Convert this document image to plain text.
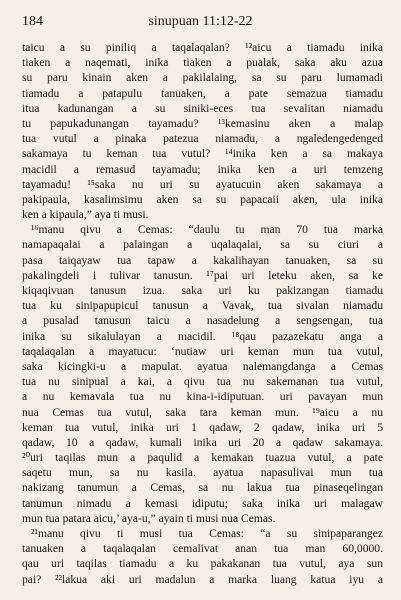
184	sinupuan 11:12-22
taicu a su piniliq a taqalaqalan? ¹²aicu a tiamadu inika
tiaken a naqemati, inika tiaken a pualak, saka aku azua
su paru kinain aken a pakilalaing, sa su paru lumamadi
tiamadu a patapulu tanuaken, a pate semazua tiamadu
itua kadunangan a su siniki-eces tua sevalitan niamadu
tu papukadunangan tayamadu? ¹³kemasinu aken a malap
tua vutul a pinaka patezua niamadu, a ngaledengedenged
sakamaya tu keman tua vutul? ¹⁴inika ken a sa makaya
macidil a remasud tayamadu; inika ken a uri temzeng
tayamadu! ¹⁵saka nu uri su ayatucuin aken sakamaya a
pakipaula, kasalimsimu aken sa su papacaii aken, ula inika
ken a kipaula,” aya ti musi.
¹⁶manu qivu a Cemas: “daulu tu man 70 tua marka
namapaqalai a palaingan a uqalaqalai, sa su ciuri a
pasa taiqayaw tua tapaw a kakalihayan tanuaken, sa su
pakalingdeli i tulivar tanusun. ¹⁷pai uri leteku aken, sa ke
kiqaqivuan tanusun izua. saka uri ku pakizangan tiamadu
tua ku sinipapupicul tanusun a Vavak, tua sivalan niamadu
a pusalad tanusun taicu a nasadelung a sengsengan, tua
inika su sikalulayan a macidil. ¹⁸qau pazazekatu anga a
taqalaqalan a mayatucu: ‘nutiaw uri keman mun tua vutul,
saka kicingki-u a mapulat. ayatua nalemangdanga a Cemas
tua nu sinipual a kai, a qivu tua nu sakemanan tua vutul,
a nu kemavala tua nu kina-i-idiputuan. uri pavayan mun
nua Cemas tua vutul, saka tara keman mun. ¹⁹aicu a nu
keman tua vutul, inika uri 1 qadaw, 2 qadaw, inika uri 5
qadaw, 10 a qadaw, kumali inika uri 20 a qadaw sakamaya.
²⁰uri taqilas mun a paqulid a kemakan tuazua vutul, a pate
saqetu mun, sa nu kasila. ayatua napasulivai mun tua
nakizang tanumun a Cemas, sa nu lakua tua pinaseqelingan
tanumun nimadu a kemasi idiputu; saka inika uri malagaw
mun tua patara aicu,’ aya-u,” ayain ti musi nua Cemas.
²¹manu qivu ti musi tua Cemas: “a su sinipaparangez
tanuaken a taqalaqalan cemalivat anan tua man 60,0000.
qau uri taqilas tiamadu a ku pakakanan tua vutul, aya sun
pai? ²²lakua aki uri madalun a marka luang katua iyu a
